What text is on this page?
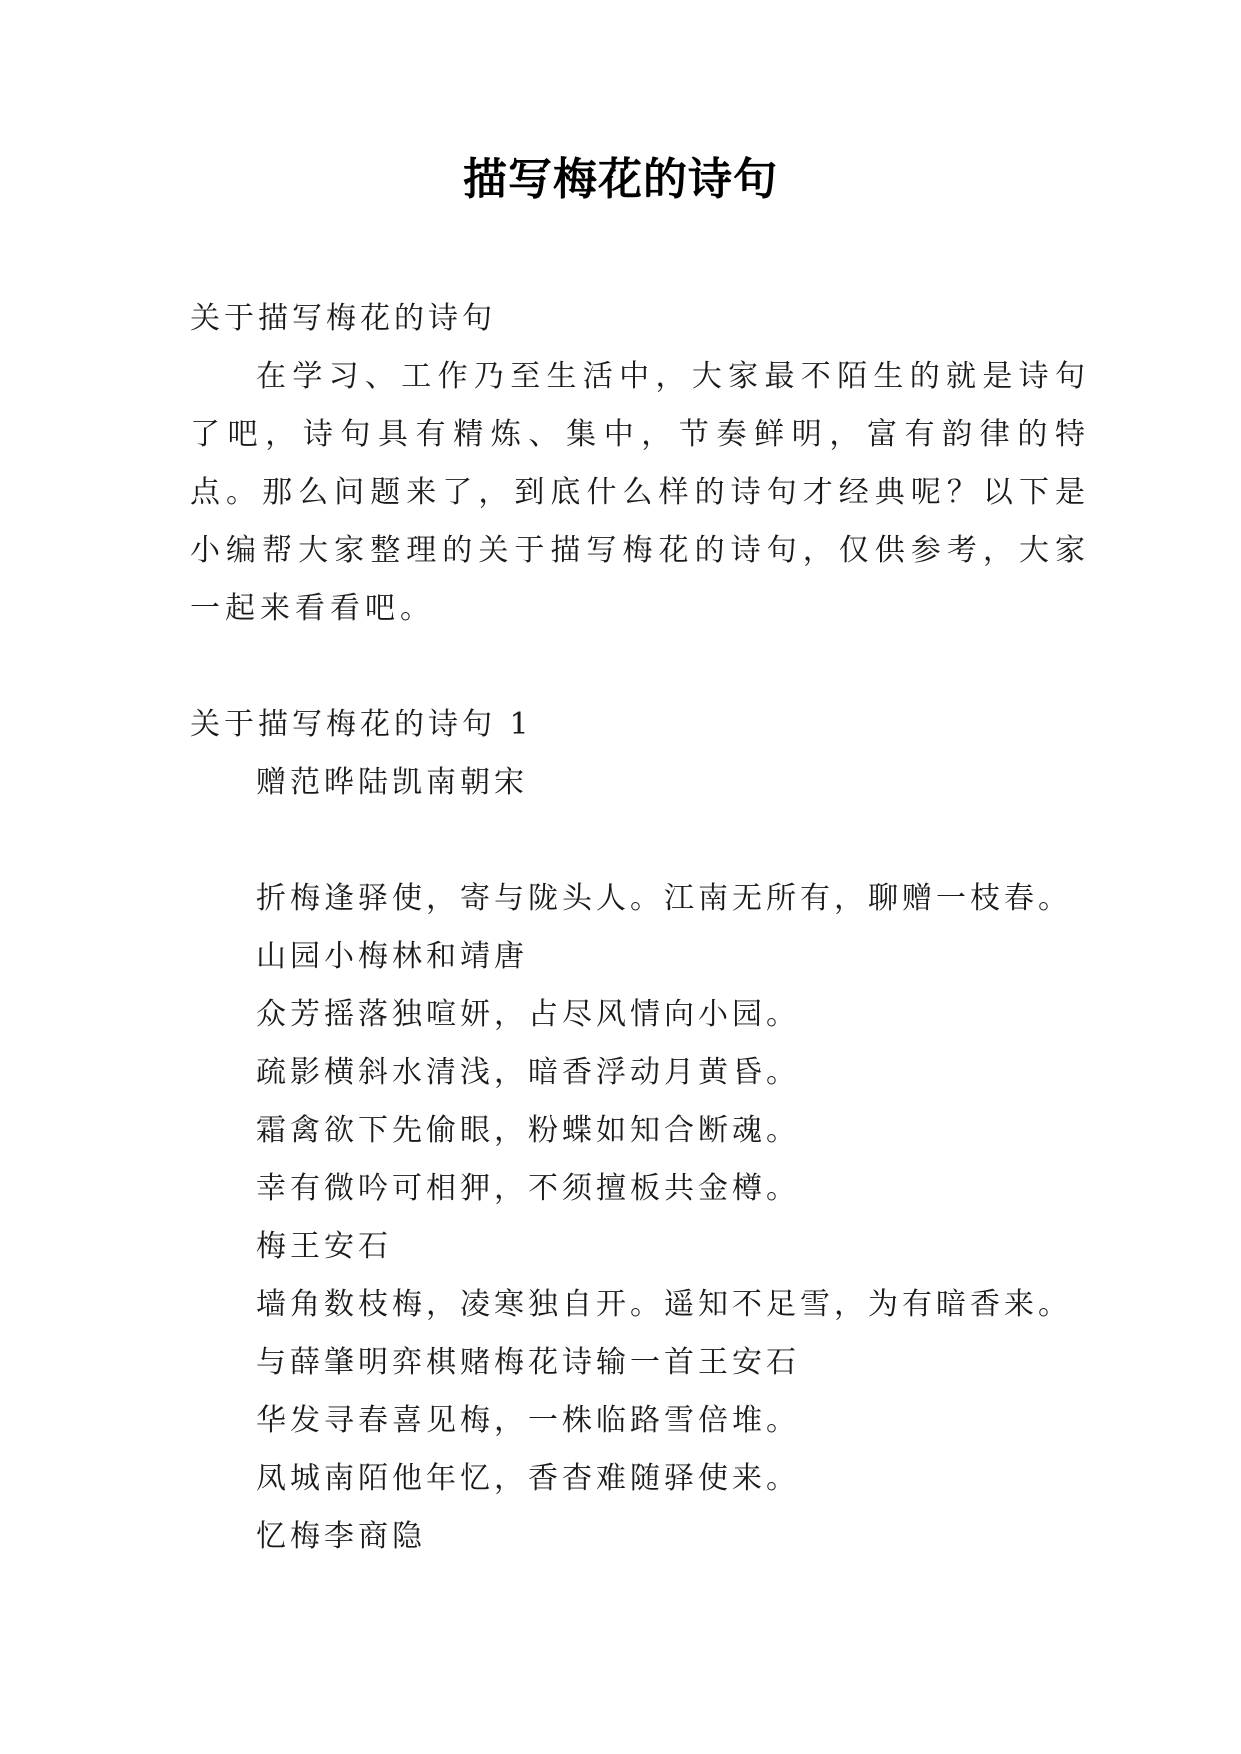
描写梅花的诗句
关于描写梅花的诗句
在学习、工作乃至生活中，大家最不陌生的就是诗句了吧，诗句具有精炼、集中，节奏鲜明，富有韵律的特点。那么问题来了，到底什么样的诗句才经典呢？以下是小编帮大家整理的关于描写梅花的诗句，仅供参考，大家一起来看看吧。
关于描写梅花的诗句 1
赠范晔陆凯南朝宋
折梅逢驿使，寄与陇头人。江南无所有，聊赠一枝春。
山园小梅林和靖唐
众芳摇落独喧妍，占尽风情向小园。
疏影横斜水清浅，暗香浮动月黄昏。
霜禽欲下先偷眼，粉蝶如知合断魂。
幸有微吟可相狎，不须擅板共金樽。
梅王安石
墙角数枝梅，凌寒独自开。遥知不足雪，为有暗香来。
与薛肇明弈棋赌梅花诗输一首王安石
华发寻春喜见梅，一株临路雪倍堆。
凤城南陌他年忆，香杳难随驿使来。
忆梅李商隐
